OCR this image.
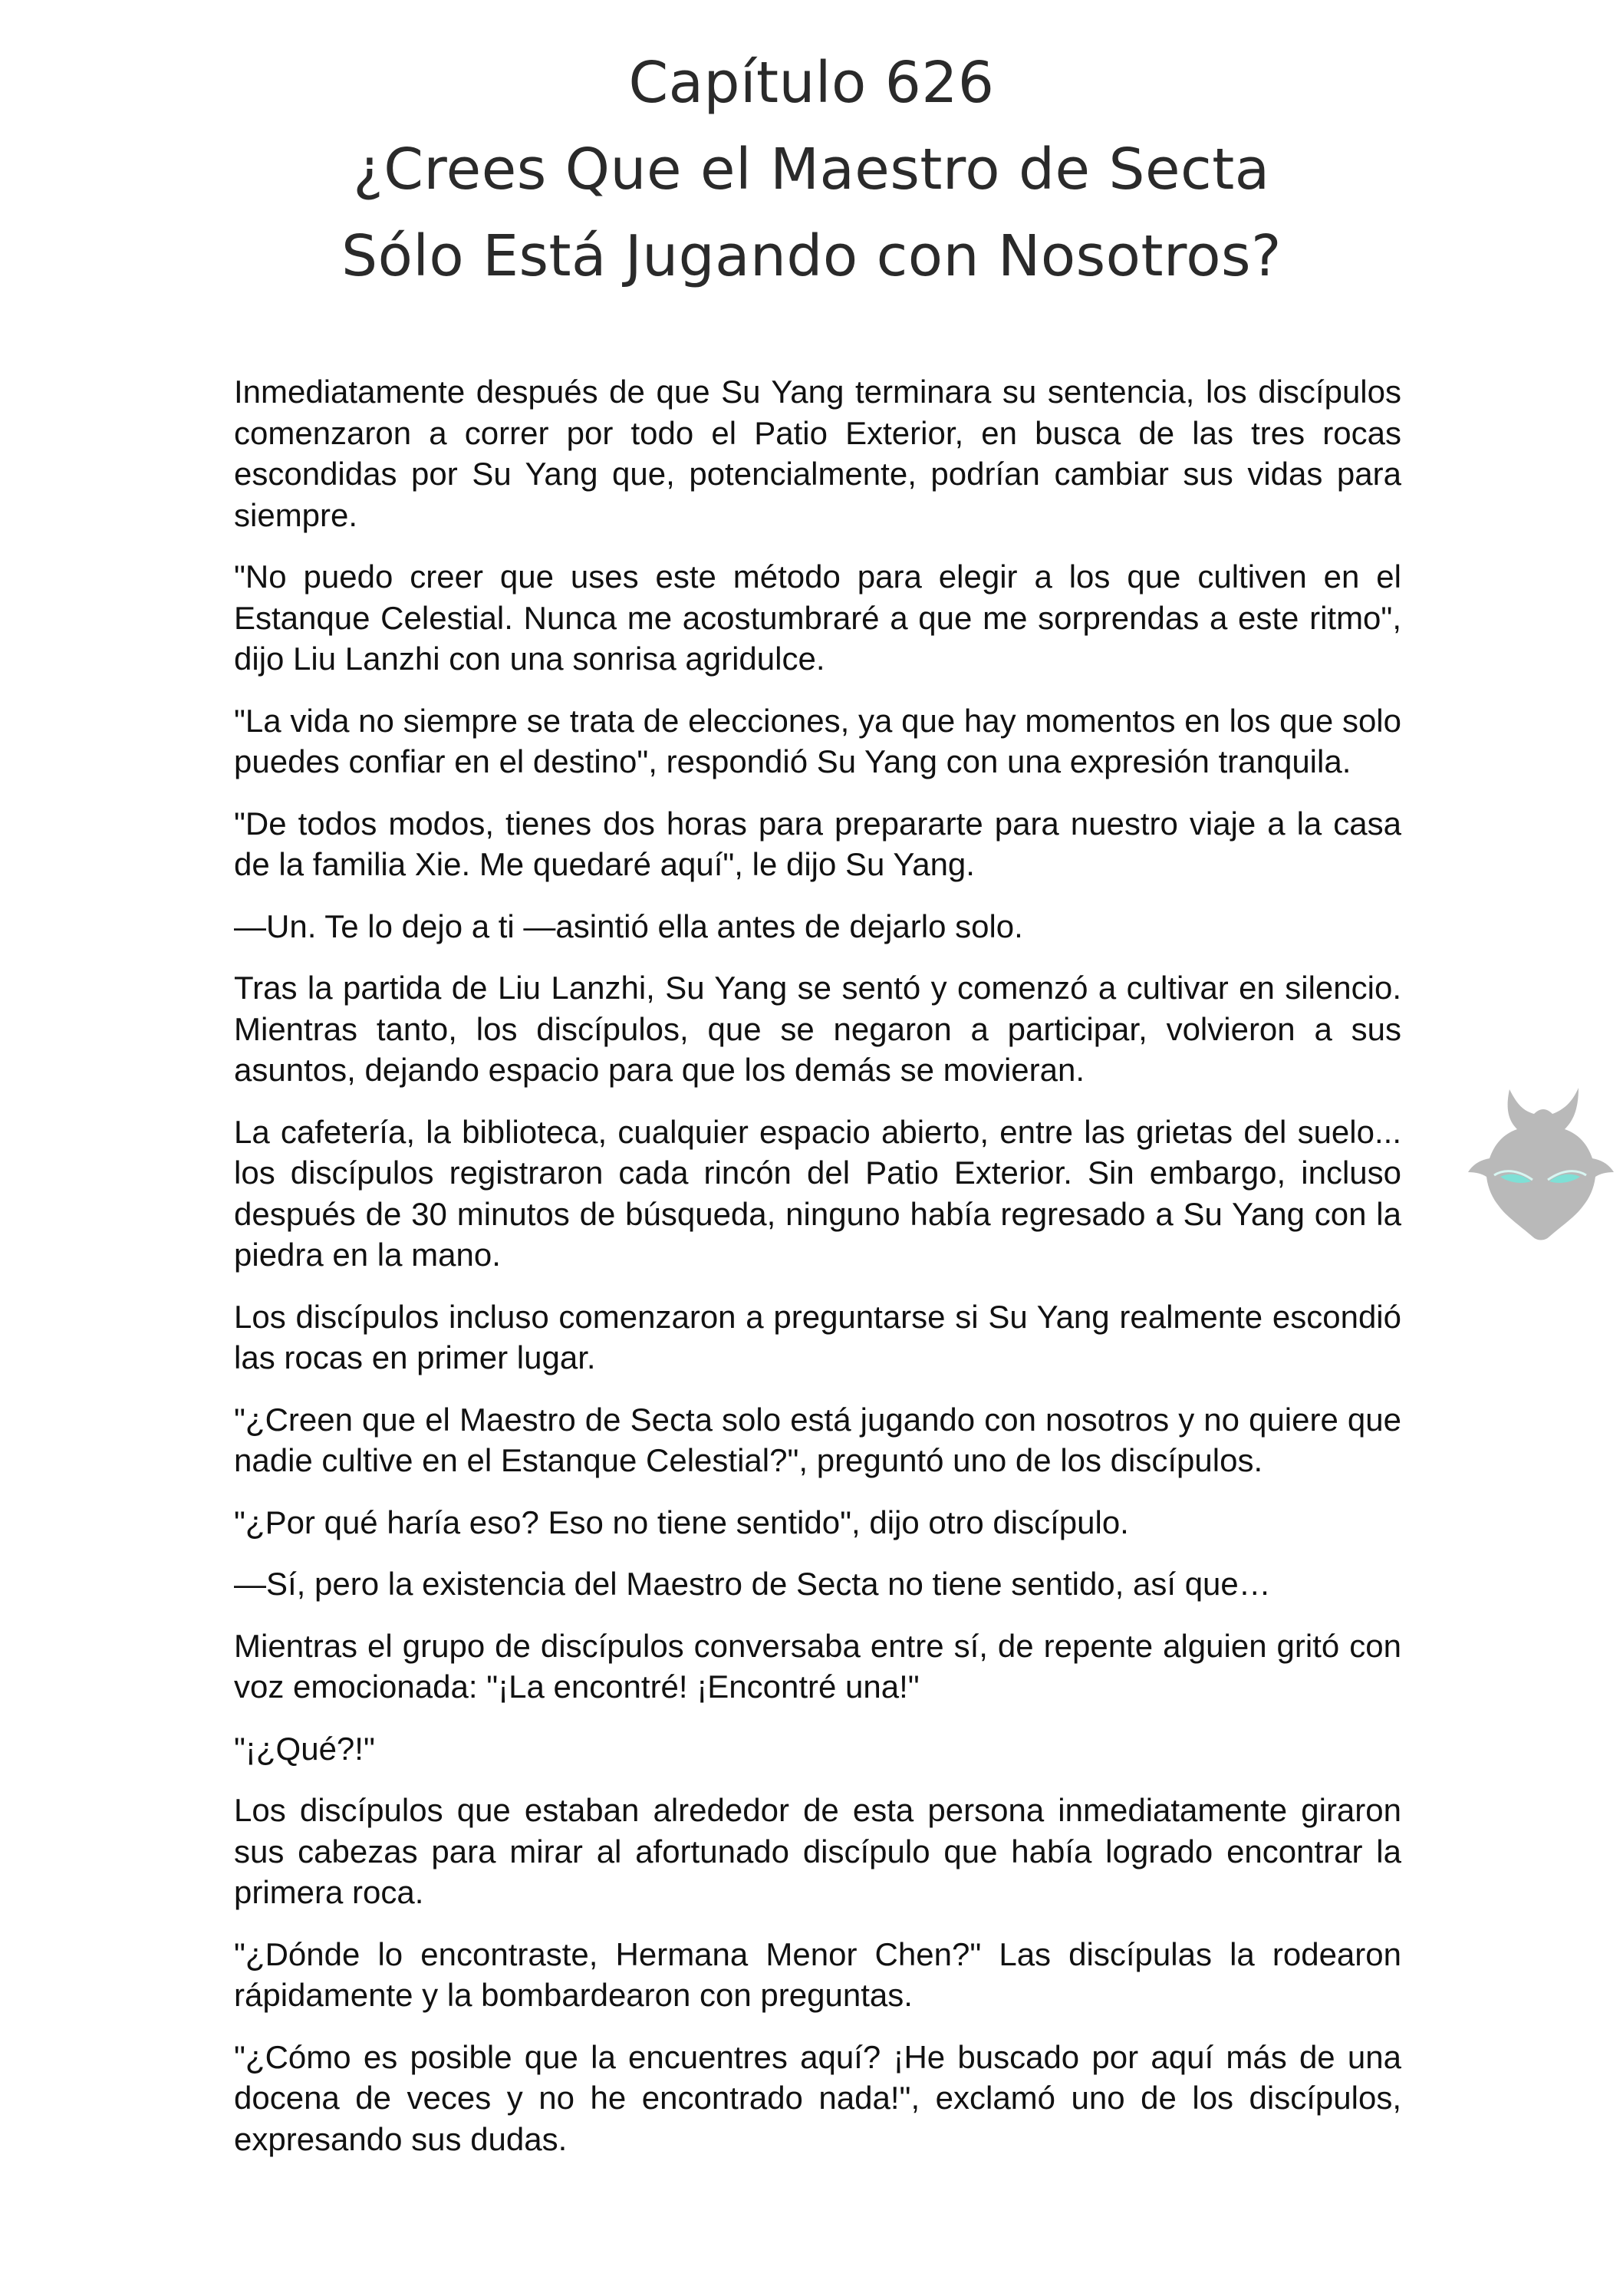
Capítulo 626
¿Crees Que el Maestro de Secta
Sólo Está Jugando con Nosotros?

Inmediatamente después de que Su Yang terminara su sentencia, los discípulos comenzaron a correr por todo el Patio Exterior, en busca de las tres rocas escondidas por Su Yang que, potencialmente, podrían cambiar sus vidas para siempre.

"No puedo creer que uses este método para elegir a los que cultiven en el Estanque Celestial. Nunca me acostumbraré a que me sorprendas a este ritmo", dijo Liu Lanzhi con una sonrisa agridulce.

"La vida no siempre se trata de elecciones, ya que hay momentos en los que solo puedes confiar en el destino", respondió Su Yang con una expresión tranquila.

"De todos modos, tienes dos horas para prepararte para nuestro viaje a la casa de la familia Xie. Me quedaré aquí", le dijo Su Yang.

—Un. Te lo dejo a ti —asintió ella antes de dejarlo solo.

Tras la partida de Liu Lanzhi, Su Yang se sentó y comenzó a cultivar en silencio. Mientras tanto, los discípulos, que se negaron a participar, volvieron a sus asuntos, dejando espacio para que los demás se movieran.

La cafetería, la biblioteca, cualquier espacio abierto, entre las grietas del suelo... los discípulos registraron cada rincón del Patio Exterior. Sin embargo, incluso después de 30 minutos de búsqueda, ninguno había regresado a Su Yang con la piedra en la mano.

Los discípulos incluso comenzaron a preguntarse si Su Yang realmente escondió las rocas en primer lugar.

"¿Creen que el Maestro de Secta solo está jugando con nosotros y no quiere que nadie cultive en el Estanque Celestial?", preguntó uno de los discípulos.

"¿Por qué haría eso? Eso no tiene sentido", dijo otro discípulo.

—Sí, pero la existencia del Maestro de Secta no tiene sentido, así que…

Mientras el grupo de discípulos conversaba entre sí, de repente alguien gritó con voz emocionada: "¡La encontré! ¡Encontré una!"

"¡¿Qué?!"

Los discípulos que estaban alrededor de esta persona inmediatamente giraron sus cabezas para mirar al afortunado discípulo que había logrado encontrar la primera roca.

"¿Dónde lo encontraste, Hermana Menor Chen?" Las discípulas la rodearon rápidamente y la bombardearon con preguntas.

"¿Cómo es posible que la encuentres aquí? ¡He buscado por aquí más de una docena de veces y no he encontrado nada!", exclamó uno de los discípulos, expresando sus dudas.
